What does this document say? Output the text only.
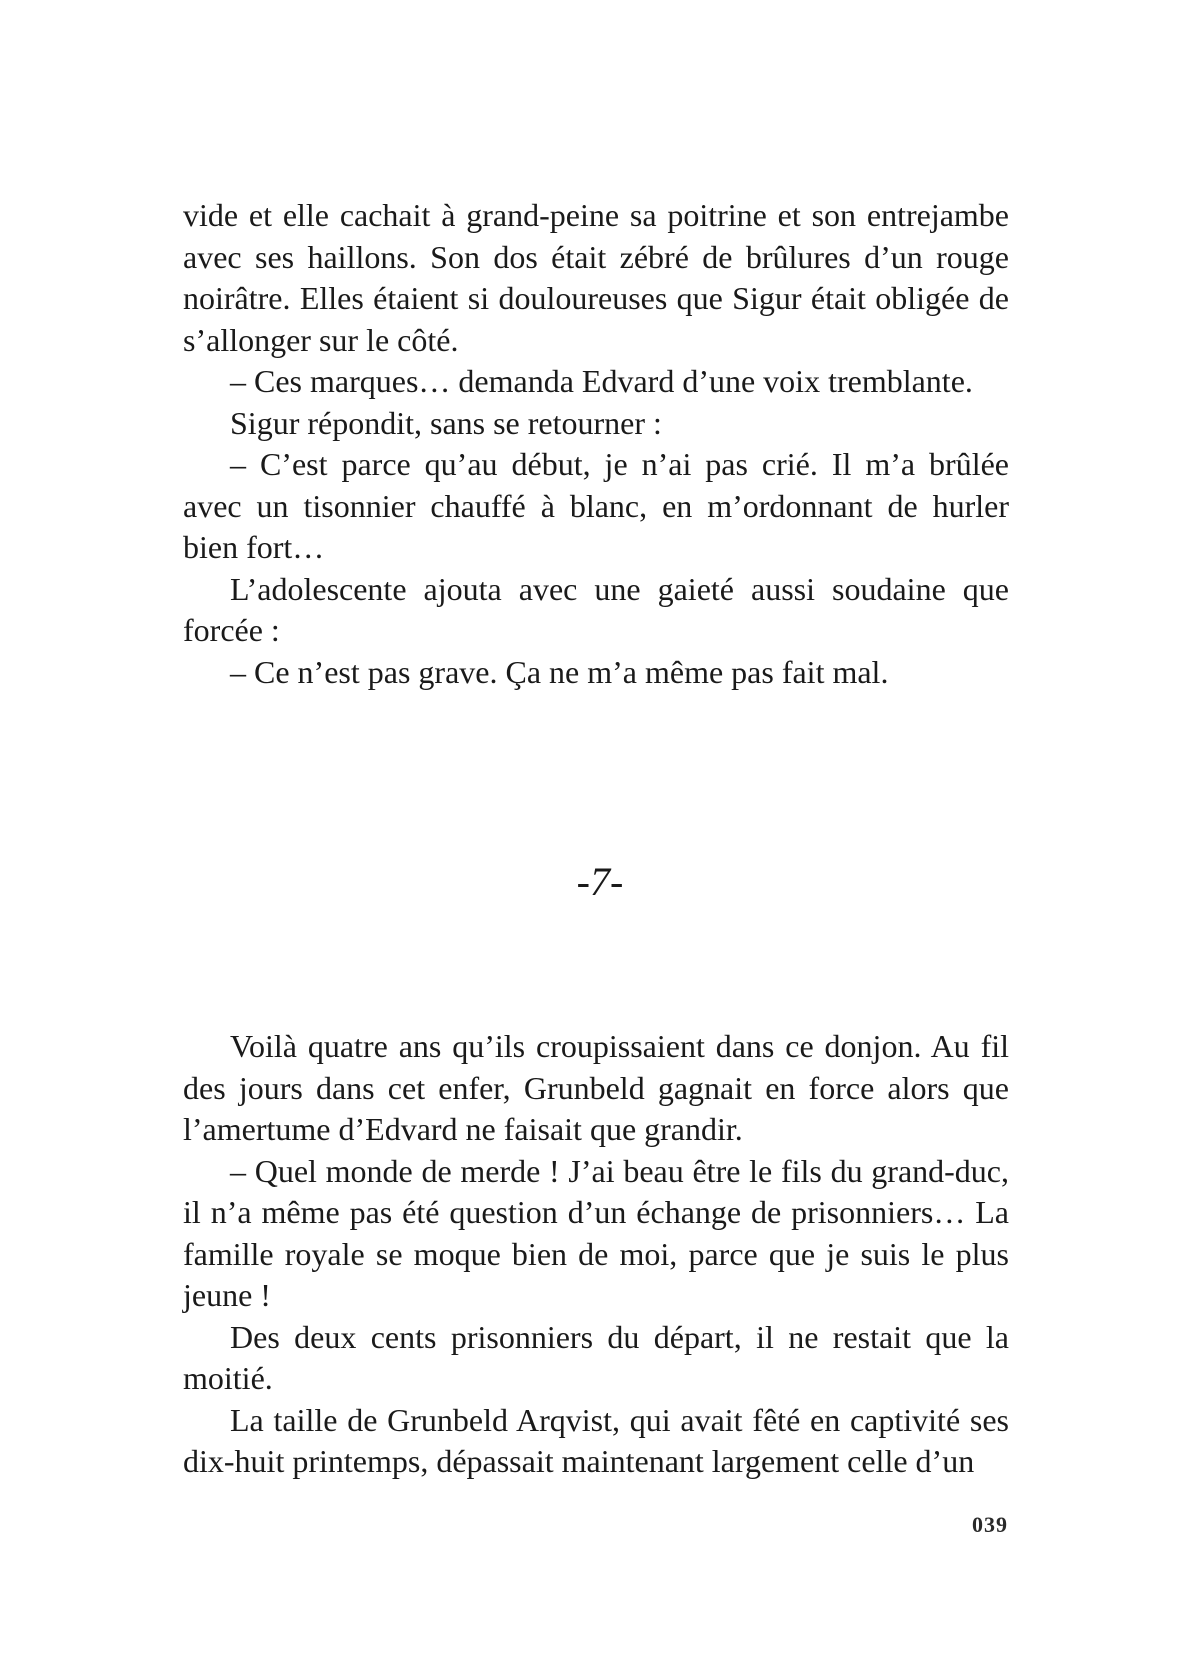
vide et elle cachait à grand-peine sa poitrine et son entrejambe avec ses haillons. Son dos était zébré de brûlures d’un rouge noirâtre. Elles étaient si douloureuses que Sigur était obligée de s’allonger sur le côté.

– Ces marques… demanda Edvard d’une voix tremblante.

Sigur répondit, sans se retourner :

– C’est parce qu’au début, je n’ai pas crié. Il m’a brûlée avec un tisonnier chauffé à blanc, en m’ordonnant de hurler bien fort…

L’adolescente ajouta avec une gaieté aussi soudaine que forcée :

– Ce n’est pas grave. Ça ne m’a même pas fait mal.

-7-

Voilà quatre ans qu’ils croupissaient dans ce donjon. Au fil des jours dans cet enfer, Grunbeld gagnait en force alors que l’amertume d’Edvard ne faisait que grandir.

– Quel monde de merde ! J’ai beau être le fils du grand-duc, il n’a même pas été question d’un échange de prisonniers… La famille royale se moque bien de moi, parce que je suis le plus jeune !

Des deux cents prisonniers du départ, il ne restait que la moitié.

La taille de Grunbeld Arqvist, qui avait fêté en captivité ses dix-huit printemps, dépassait maintenant largement celle d’un

039
